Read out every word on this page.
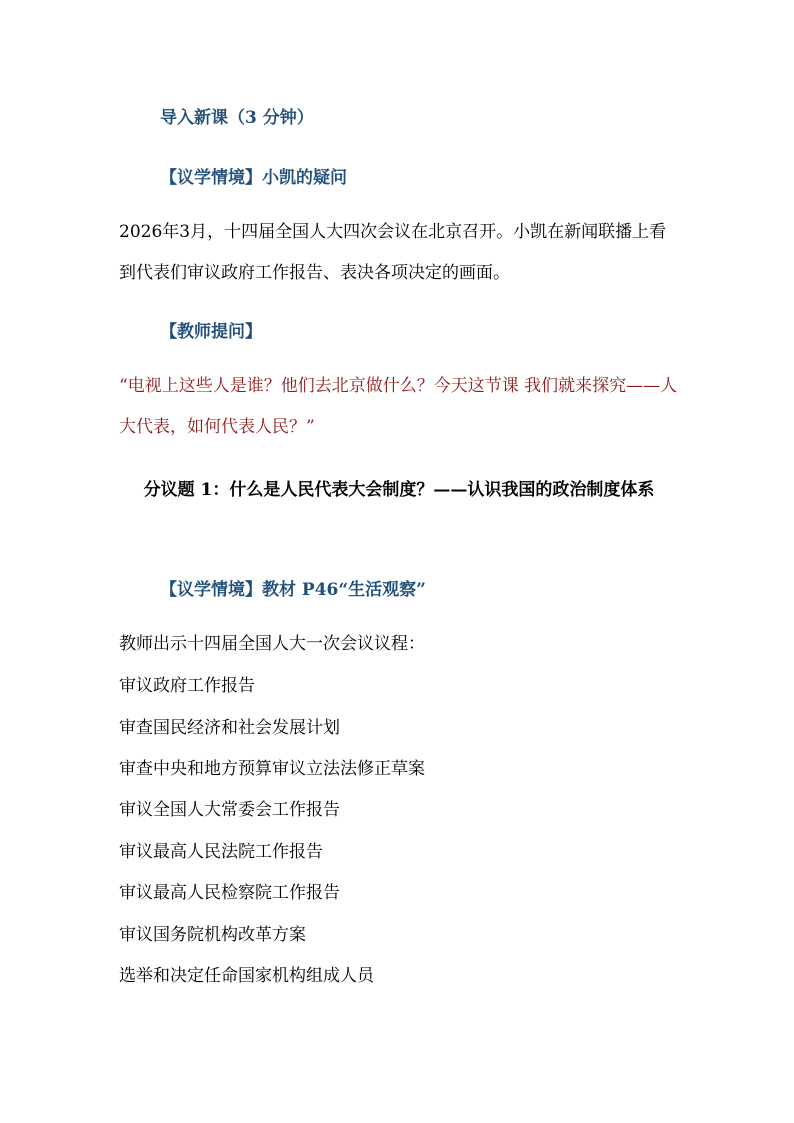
导入新课（3 分钟）
【议学情境】小凯的疑问
2026年3月，十四届全国人大四次会议在北京召开。小凯在新闻联播上看到代表们审议政府工作报告、表决各项决定的画面。
【教师提问】
“电视上这些人是谁？他们去北京做什么？今天这节课 我们就来探究——人大代表，如何代表人民？”
分议题 1：什么是人民代表大会制度？——认识我国的政治制度体系
【议学情境】教材 P46“生活观察”
教师出示十四届全国人大一次会议议程：
审议政府工作报告
审查国民经济和社会发展计划
审查中央和地方预算审议立法法修正草案
审议全国人大常委会工作报告
审议最高人民法院工作报告
审议最高人民检察院工作报告
审议国务院机构改革方案
选举和决定任命国家机构组成人员
